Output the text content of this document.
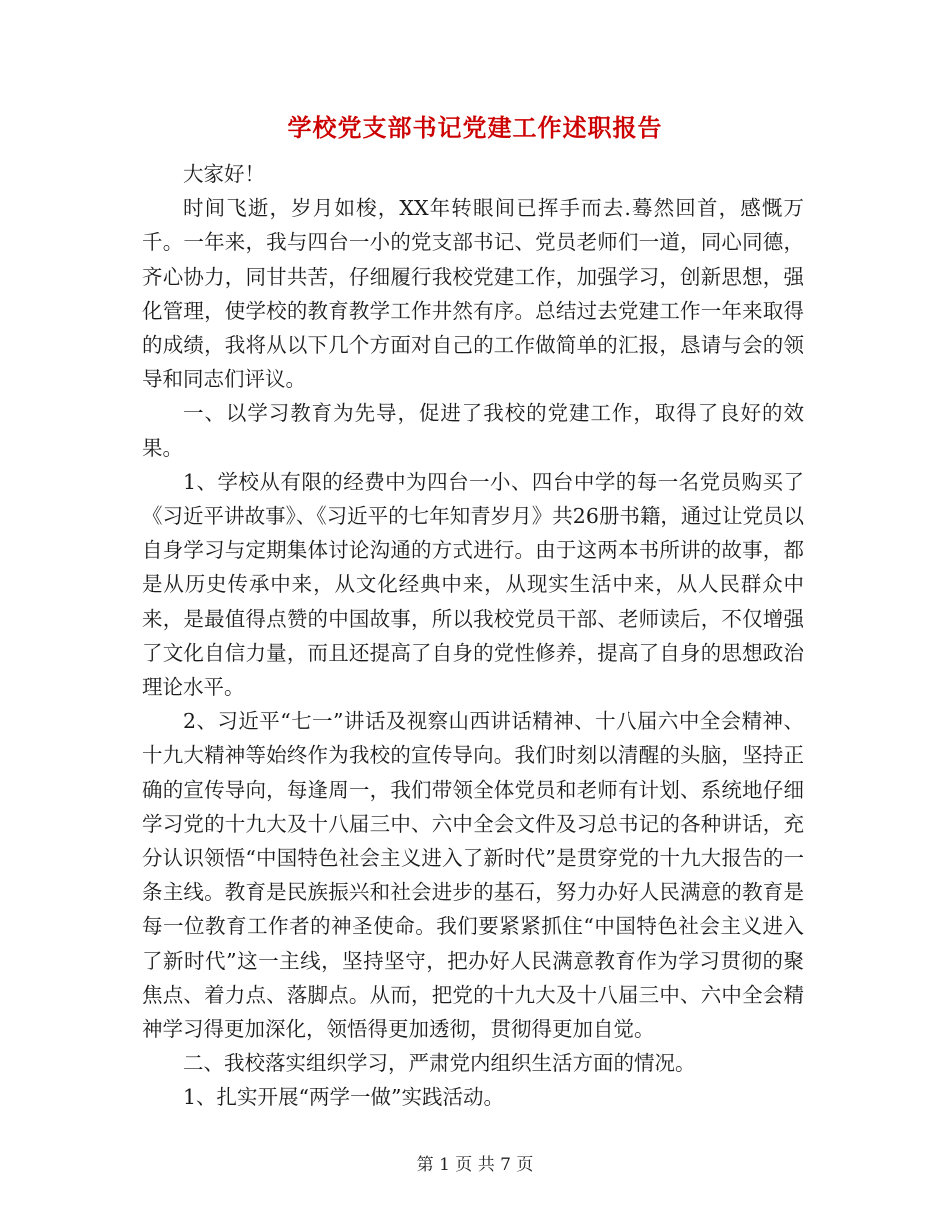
学校党支部书记党建工作述职报告

大家好！

时间飞逝，岁月如梭，XX年转眼间已挥手而去.蓦然回首，感慨万千。一年来，我与四台一小的党支部书记、党员老师们一道，同心同德，齐心协力，同甘共苦，仔细履行我校党建工作，加强学习，创新思想，强化管理，使学校的教育教学工作井然有序。总结过去党建工作一年来取得的成绩，我将从以下几个方面对自己的工作做简单的汇报，恳请与会的领导和同志们评议。

一、以学习教育为先导，促进了我校的党建工作，取得了良好的效果。

1、学校从有限的经费中为四台一小、四台中学的每一名党员购买了《习近平讲故事》、《习近平的七年知青岁月》共26册书籍，通过让党员以自身学习与定期集体讨论沟通的方式进行。由于这两本书所讲的故事，都是从历史传承中来，从文化经典中来，从现实生活中来，从人民群众中来，是最值得点赞的中国故事，所以我校党员干部、老师读后，不仅增强了文化自信力量，而且还提高了自身的党性修养，提高了自身的思想政治理论水平。

2、习近平“七一”讲话及视察山西讲话精神、十八届六中全会精神、十九大精神等始终作为我校的宣传导向。我们时刻以清醒的头脑，坚持正确的宣传导向，每逢周一，我们带领全体党员和老师有计划、系统地仔细学习党的十九大及十八届三中、六中全会文件及习总书记的各种讲话，充分认识领悟“中国特色社会主义进入了新时代”是贯穿党的十九大报告的一条主线。教育是民族振兴和社会进步的基石，努力办好人民满意的教育是每一位教育工作者的神圣使命。我们要紧紧抓住“中国特色社会主义进入了新时代”这一主线，坚持坚守，把办好人民满意教育作为学习贯彻的聚焦点、着力点、落脚点。从而，把党的十九大及十八届三中、六中全会精神学习得更加深化，领悟得更加透彻，贯彻得更加自觉。

二、我校落实组织学习，严肃党内组织生活方面的情况。

1、扎实开展“两学一做”实践活动。

第 1 页 共 7 页
